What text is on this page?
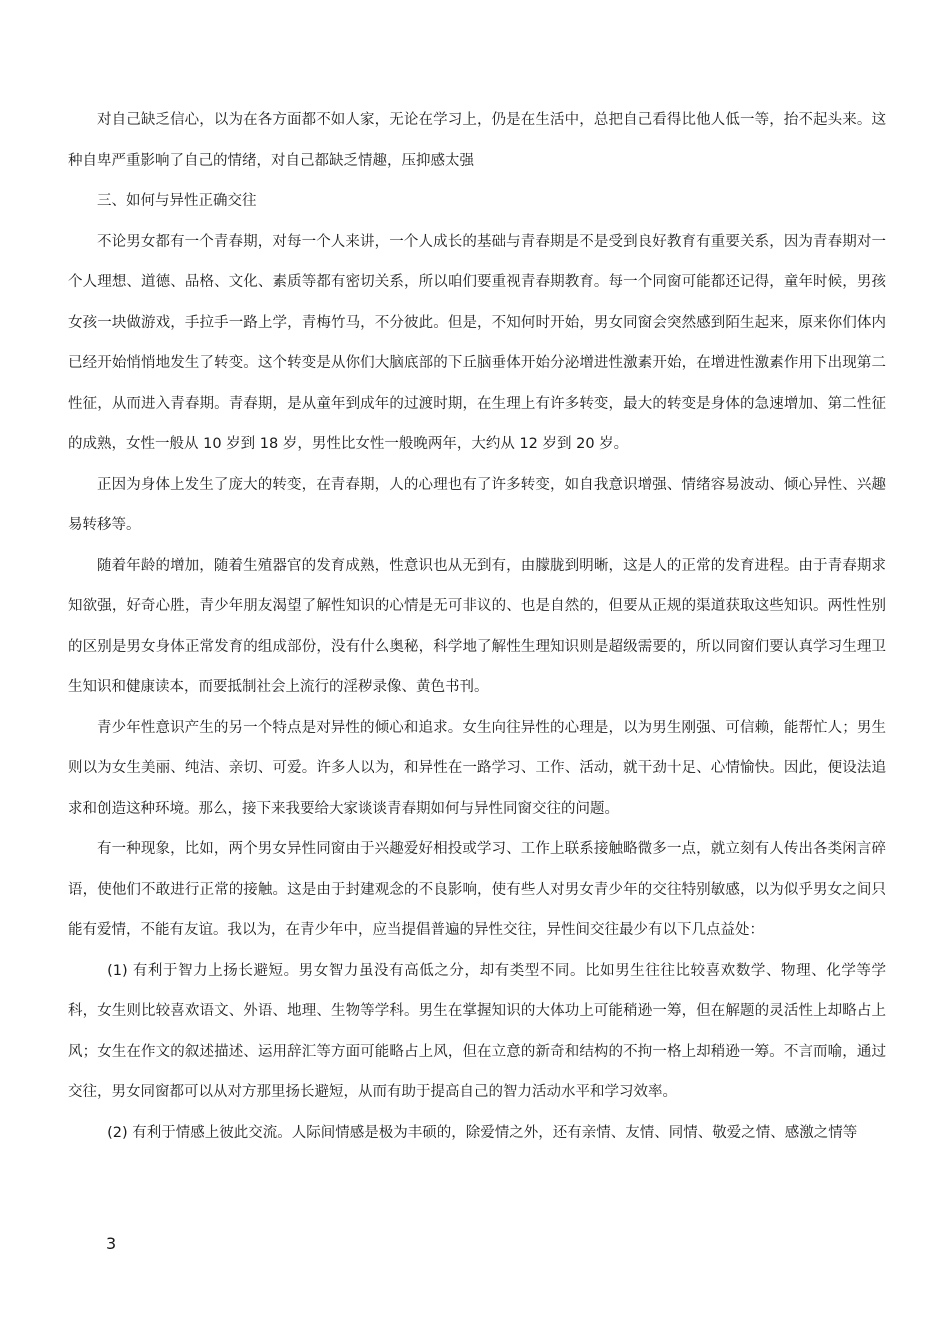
对自己缺乏信心，以为在各方面都不如人家，无论在学习上，仍是在生活中，总把自己看得比他人低一等，抬不起头来。这种自卑严重影响了自己的情绪，对自己都缺乏情趣，压抑感太强

三、如何与异性正确交往

不论男女都有一个青春期，对每一个人来讲，一个人成长的基础与青春期是不是受到良好教育有重要关系，因为青春期对一个人理想、道德、品格、文化、素质等都有密切关系，所以咱们要重视青春期教育。每一个同窗可能都还记得，童年时候，男孩女孩一块做游戏，手拉手一路上学，青梅竹马，不分彼此。但是，不知何时开始，男女同窗会突然感到陌生起来，原来你们体内已经开始悄悄地发生了转变。这个转变是从你们大脑底部的下丘脑垂体开始分泌增进性激素开始，在增进性激素作用下出现第二性征，从而进入青春期。青春期，是从童年到成年的过渡时期，在生理上有许多转变，最大的转变是身体的急速增加、第二性征的成熟，女性一般从 10 岁到 18 岁，男性比女性一般晚两年，大约从 12 岁到 20 岁。

正因为身体上发生了庞大的转变，在青春期，人的心理也有了许多转变，如自我意识增强、情绪容易波动、倾心异性、兴趣易转移等。

随着年龄的增加，随着生殖器官的发育成熟，性意识也从无到有，由朦胧到明晰，这是人的正常的发育进程。由于青春期求知欲强，好奇心胜，青少年朋友渴望了解性知识的心情是无可非议的、也是自然的，但要从正规的渠道获取这些知识。两性性别的区别是男女身体正常发育的组成部份，没有什么奥秘，科学地了解性生理知识则是超级需要的，所以同窗们要认真学习生理卫生知识和健康读本，而要抵制社会上流行的淫秽录像、黄色书刊。

青少年性意识产生的另一个特点是对异性的倾心和追求。女生向往异性的心理是，以为男生刚强、可信赖，能帮忙人；男生则以为女生美丽、纯洁、亲切、可爱。许多人以为，和异性在一路学习、工作、活动，就干劲十足、心情愉快。因此，便设法追求和创造这种环境。那么，接下来我要给大家谈谈青春期如何与异性同窗交往的问题。

有一种现象，比如，两个男女异性同窗由于兴趣爱好相投或学习、工作上联系接触略微多一点，就立刻有人传出各类闲言碎语，使他们不敢进行正常的接触。这是由于封建观念的不良影响，使有些人对男女青少年的交往特别敏感，以为似乎男女之间只能有爱情，不能有友谊。我以为，在青少年中，应当提倡普遍的异性交往，异性间交往最少有以下几点益处：

(1) 有利于智力上扬长避短。男女智力虽没有高低之分，却有类型不同。比如男生往往比较喜欢数学、物理、化学等学科，女生则比较喜欢语文、外语、地理、生物等学科。男生在掌握知识的大体功上可能稍逊一筹，但在解题的灵活性上却略占上风；女生在作文的叙述描述、运用辞汇等方面可能略占上风，但在立意的新奇和结构的不拘一格上却稍逊一筹。不言而喻，通过交往，男女同窗都可以从对方那里扬长避短，从而有助于提高自己的智力活动水平和学习效率。

(2) 有利于情感上彼此交流。人际间情感是极为丰硕的，除爱情之外，还有亲情、友情、同情、敬爱之情、感激之情等

3
